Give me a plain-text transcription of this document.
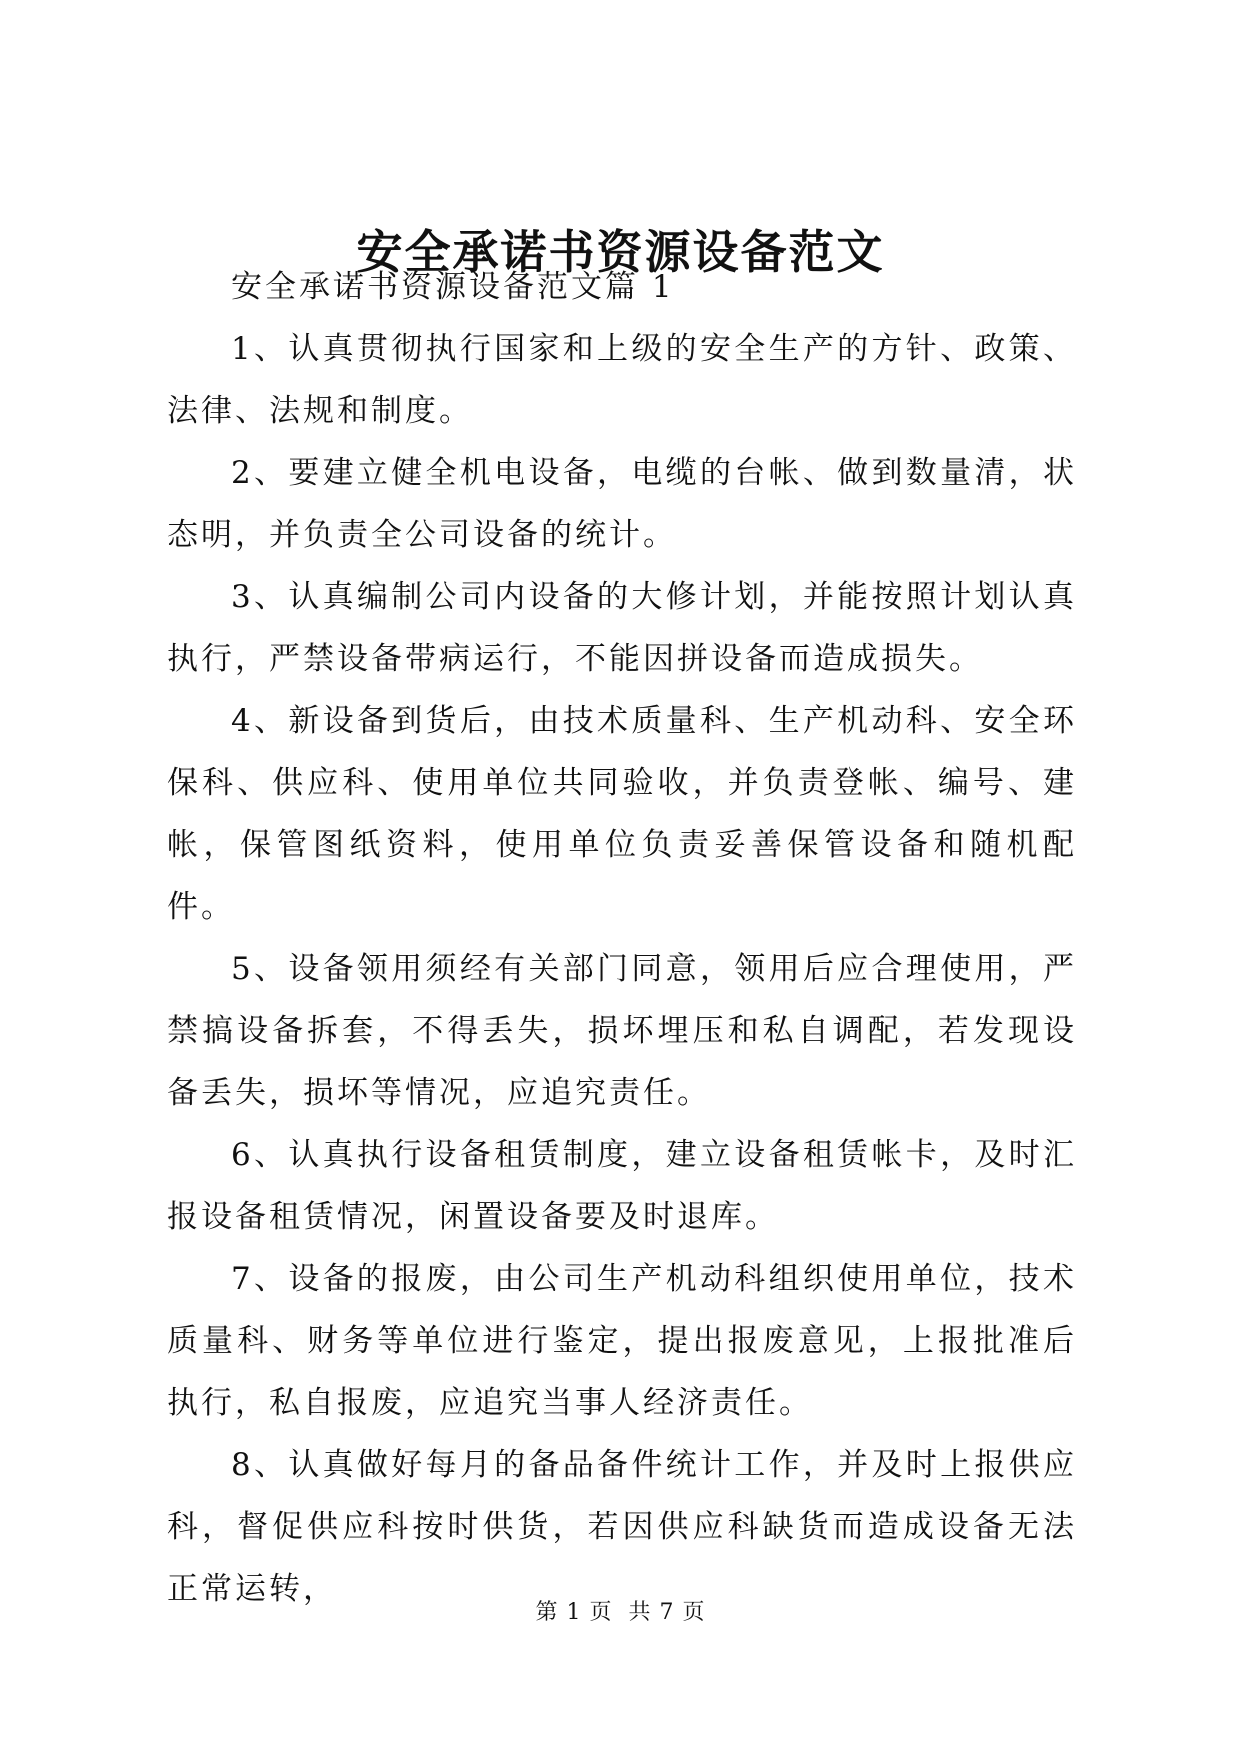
安全承诺书资源设备范文

安全承诺书资源设备范文篇 1

1、认真贯彻执行国家和上级的安全生产的方针、政策、法律、法规和制度。

2、要建立健全机电设备，电缆的台帐、做到数量清，状态明，并负责全公司设备的统计。

3、认真编制公司内设备的大修计划，并能按照计划认真执行，严禁设备带病运行，不能因拼设备而造成损失。

4、新设备到货后，由技术质量科、生产机动科、安全环保科、供应科、使用单位共同验收，并负责登帐、编号、建帐，保管图纸资料，使用单位负责妥善保管设备和随机配件。

5、设备领用须经有关部门同意，领用后应合理使用，严禁搞设备拆套，不得丢失，损坏埋压和私自调配，若发现设备丢失，损坏等情况，应追究责任。

6、认真执行设备租赁制度，建立设备租赁帐卡，及时汇报设备租赁情况，闲置设备要及时退库。

7、设备的报废，由公司生产机动科组织使用单位，技术质量科、财务等单位进行鉴定，提出报废意见，上报批准后执行，私自报废，应追究当事人经济责任。

8、认真做好每月的备品备件统计工作，并及时上报供应科，督促供应科按时供货，若因供应科缺货而造成设备无法正常运转，

第 1 页  共 7 页
